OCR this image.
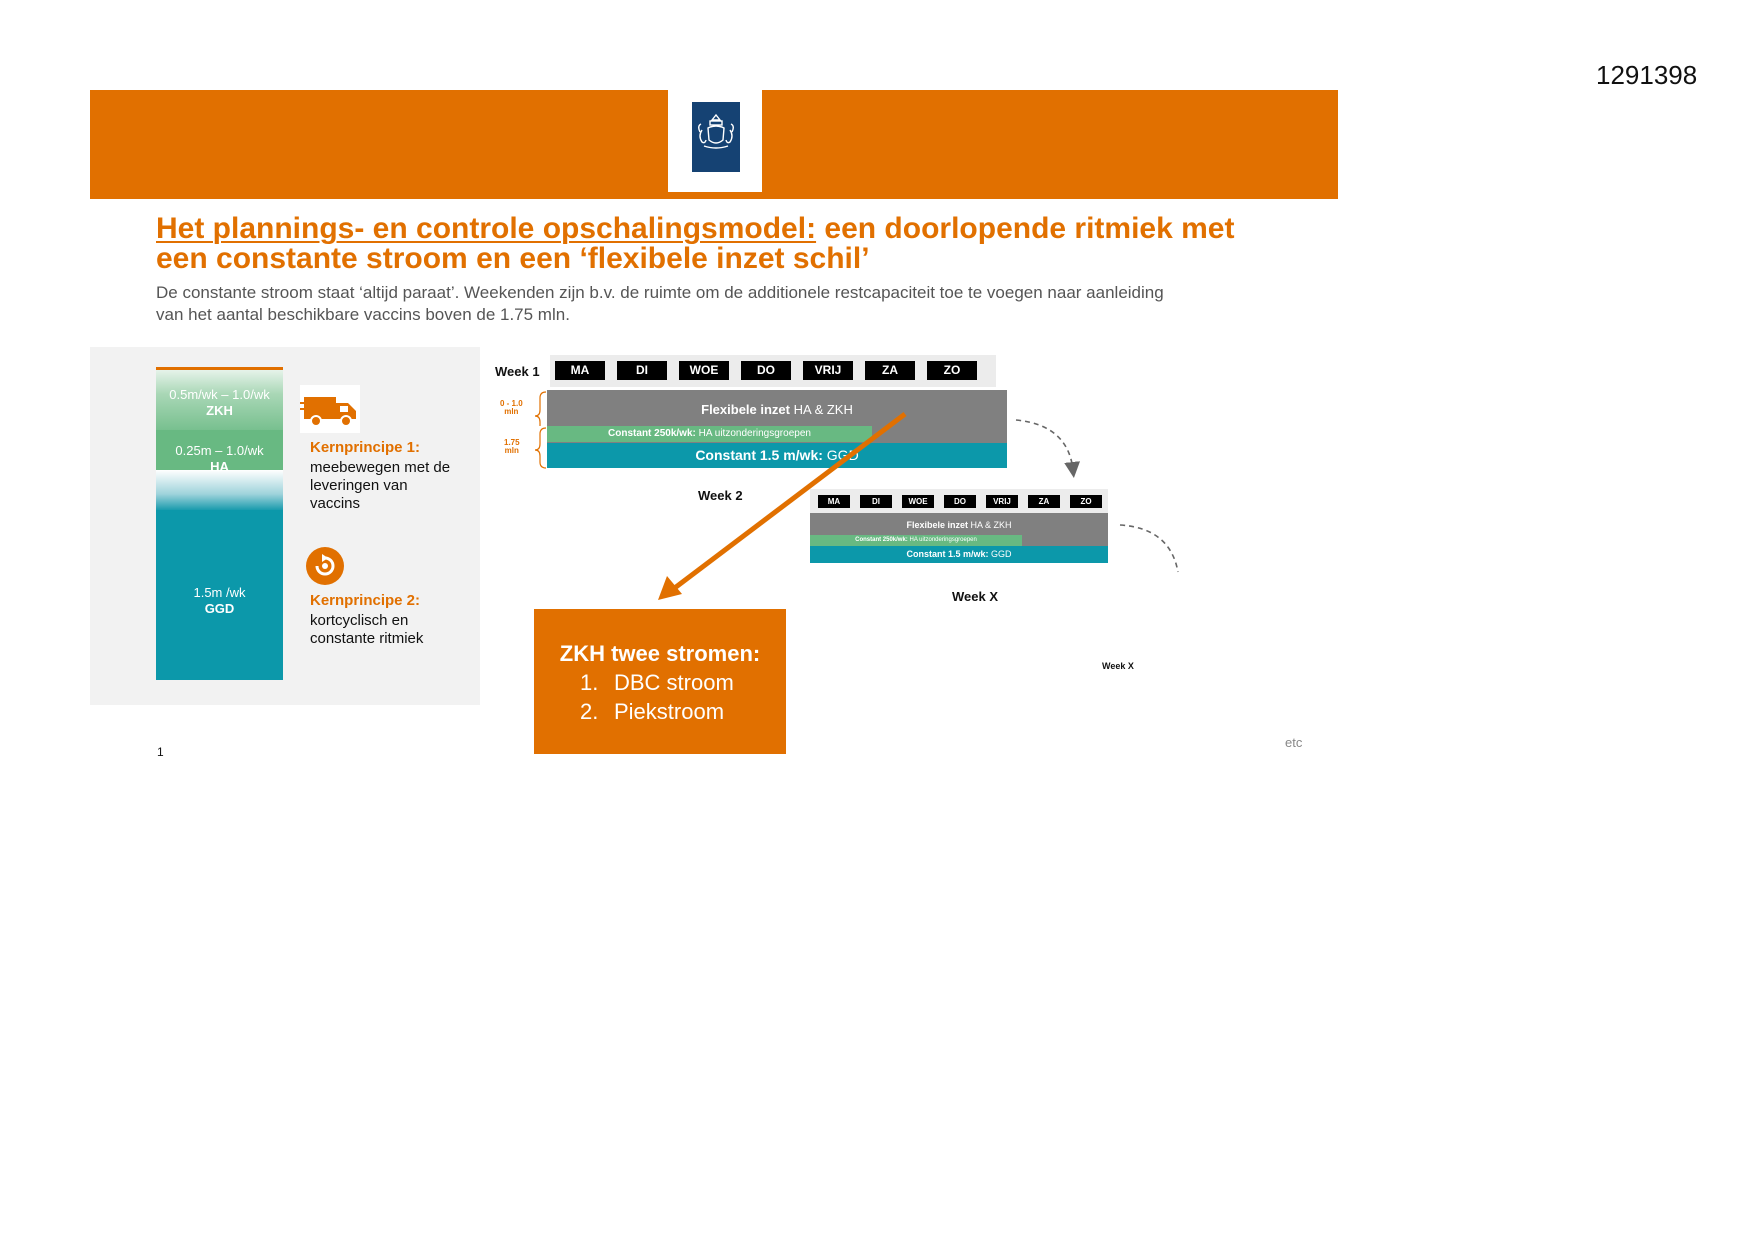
1291398
Het plannings- en controle opschalingsmodel: een doorlopende ritmiek met
een constante stroom en een ‘flexibele inzet schil’
De constante stroom staat ‘altijd paraat’. Weekenden zijn b.v. de ruimte om de additionele restcapaciteit toe te voegen naar aanleiding
van het aantal beschikbare vaccins boven de 1.75 mln.
0.5m/wk – 1.0/wk
ZKH
0.25m – 1.0/wk
HA
1.5m /wk
GGD
Kernprincipe 1:
meebewegen met de leveringen van vaccins
Kernprincipe 2:
kortcyclisch en constante ritmiek
Week 1	MA	DI	WOE	DO	VRIJ	ZA	ZO
0 - 1.0
mln
1.75
mln
Flexibele inzet HA & ZKH
Constant 250k/wk: HA uitzonderingsgroepen
Constant 1.5 m/wk: GGD
Week 2	MA	DI	WOE	DO	VRIJ	ZA	ZO
Flexibele inzet HA & ZKH
Constant 250k/wk: HA uitzonderingsgroepen
Constant 1.5 m/wk: GGD
Week X
ZKH twee stromen:
1. DBC stroom
2. Piekstroom
Week X
etc
1
